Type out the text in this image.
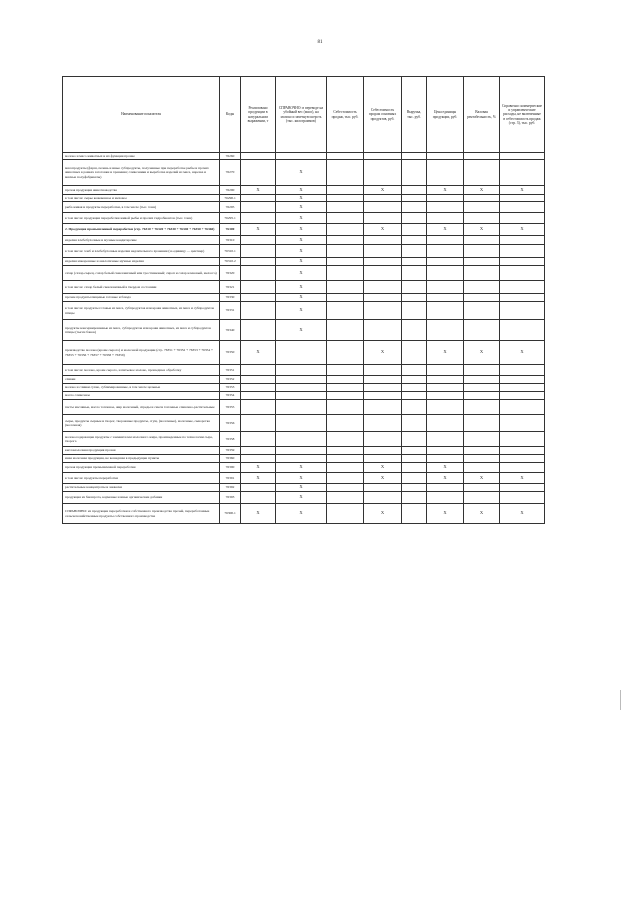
81
Наименование показателя	Коды	Реализовано продукции в натуральном выражении, т	СПРАВОЧНО: в переводе на убойный вес (мясо), на молоко и зачетную шерсть (тыс. килограммов)	Себестоимость продаж, тыс. руб.	Себестоимость продаж основных продуктов, руб.	Выручка, тыс. руб.	Цена единицы продукции, руб.	Валовая рентабельность, %	Справочно: коммерческие и управленческие расходы, не включенные в себестоимость продаж (стр. 3), тыс. руб.
молоко и мясо животных и их функция прочие	76260								
мясопродукты (фарш, печень и иные субпродукты, полученные при переработке рыбы и прочих животных в рамках заготовки и хранения; сливочники и выработка изделий из мяса, нарезка и мясные полуфабрикаты)	76270		X						
прочая продукция животноводства	76290	X	X		X		X	X	X
в том числе: сырье кожевенное и меховое	76290.1		X						
рыба живая и продукты переработки, в том числе (тыс. тонн)	76295		X						
в том числе: продукция переработки живой рыбы и прочих гидробионтов (тыс. тонн)	76295.1		X						
2. Продукция промышленной переработки (стр. 76310 + 76320 + 76330 + 76340 + 76350 + 76360)	76300	X	X		X		X	X	X
изделия хлебобулочные и мучные кондитерские	76310		X						
в том числе: хлеб и хлебобулочные изделия недлительного хранения (за единицу — центнер)	76310.1		X						
изделия макаронные и аналогичные мучные изделия	76310.2		X						
сахар (сахар-сырец, сахар белый свекловичный или тростниковый; сироп и сахар кленовый, меласса)	76320		X						
в том числе: сахар белый свекловичный в твердом состоянии	76321		X						
прочие продукты пищевые готовые и блюда	76330		X						
в том числе: продукты готовые из мяса, субпродуктов или крови животных, из мяса и субпродуктов птицы	76331		X						
продукты консервированные из мяса, субпродуктов или крови животных, из мяса и субпродуктов птицы (тысяч банок)	76340		X						
производство молока (кроме сырого) и молочной продукции (стр. 76351 + 76352 + 76353 + 76354 + 76355 + 76356 + 76357 + 76358 + 76359)	76350	X			X		X	X	X
в том числе: молоко, кроме сырого, и питьевое молоко, прошедшее обработку	76351								
сливки	76352								
молоко и сливки сухие, сублимированные, в том числе цельные	76353								
масло сливочное	76354								
пасты масляные, масло топленое, жир молочный, спреды и смеси топленые сливочно-растительные	76355								
сыры, продукты сырные и творог, творожные продукты, сгущ. (молочные), молочные, сыворотка (молочная)	76356								
молокосодержащие продукты с заменителем молочного жира, произведенные по технологии сыра, творога	76358								
кисломолочная продукция прочая	76359								
иная молочная продукция, не вошедшая в предыдущие пункты	76360								
прочая продукция промышленной переработки	76390	X	X		X		X		
в том числе: продукты переработки	76391	X	X		X		X	X	X
растительные концентраты и закваски	76392		X						
продукция из биошрота, кормовые и иные органические добавки	76393		X						
СПРАВОЧНО: из продукции переработки и собственного производства прочей, переработанные сельскохозяйственные продукты собственного производства	76300.1	X	X		X		X	X	X
